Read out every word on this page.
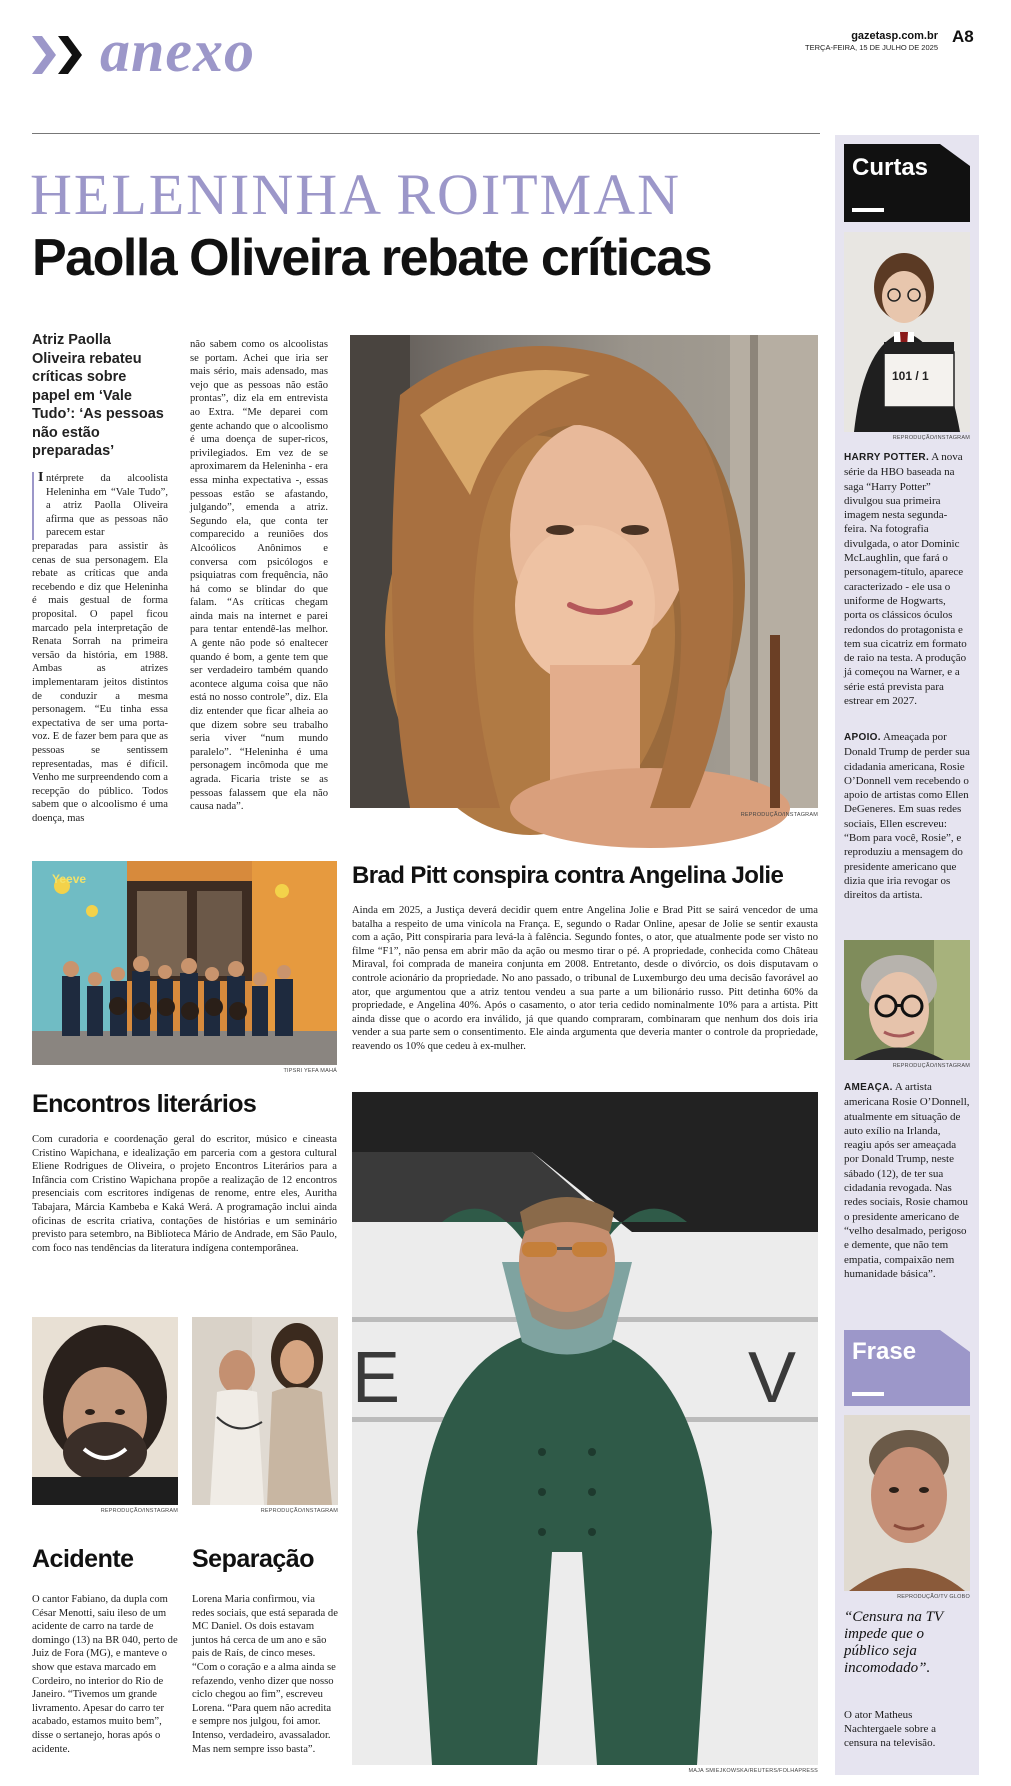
anexo	gazetasp.com.br
TERÇA-FEIRA, 15 DE JULHO DE 2025
A8
HELENINHA ROITMAN
Paolla Oliveira rebate críticas
Atriz Paolla Oliveira rebateu críticas sobre papel em ‘Vale Tudo’: ‘As pessoas não estão preparadas’
I ntérprete da alcoolista Heleninha em “Vale Tudo”, a atriz Paolla Oliveira afirma que as pessoas não parecem estar

preparadas para assistir às cenas de sua personagem. Ela rebate as críticas que anda recebendo e diz que Heleninha é mais gestual de forma proposital. O papel ficou marcado pela interpretação de Renata Sorrah na primeira versão da história, em 1988. Ambas as atrizes implementaram jeitos distintos de conduzir a mesma personagem. “Eu tinha essa expectativa de ser uma porta-voz. E de fazer bem para que as pessoas se sentissem representadas, mas é difícil. Venho me surpreendendo com a recepção do público. Todos sabem que o alcoolismo é uma doença, mas

não sabem como os alcoolistas se portam. Achei que iria ser mais sério, mais adensado, mas vejo que as pessoas não estão prontas”, diz ela em entrevista ao Extra. “Me deparei com gente achando que o alcoolismo é uma doença de super-ricos, privilegiados. Em vez de se aproximarem da Heleninha - era essa minha expectativa -, essas pessoas estão se afastando, julgando”, emenda a atriz. Segundo ela, que conta ter comparecido a reuniões dos Alcoólicos Anônimos e conversa com psicólogos e psiquiatras com frequência, não há como se blindar do que falam. “As críticas chegam ainda mais na internet e parei para tentar entendê-las melhor. A gente não pode só enaltecer quando é bom, a gente tem que ser verdadeiro também quando acontece alguma coisa que não está no nosso controle”, diz. Ela diz entender que ficar alheia ao que dizem sobre seu trabalho seria viver “num mundo paralelo”. “Heleninha é uma personagem incômoda que me agrada. Ficaria triste se as pessoas falassem que ela não causa nada”.

REPRODUÇÃO/INSTAGRAM
Yeeve
TIPSRI YEFA MAHÁ
Brad Pitt conspira contra Angelina Jolie

Ainda em 2025, a Justiça deverá decidir quem entre Angelina Jolie e Brad Pitt se sairá vencedor de uma batalha a respeito de uma vinícola na França. E, segundo o Radar Online, apesar de Jolie se sentir exausta com a ação, Pitt conspiraria para levá-la à falência. Segundo fontes, o ator, que atualmente pode ser visto no filme “F1”, não pensa em abrir mão da ação ou mesmo tirar o pé. A propriedade, conhecida como Château Miraval, foi comprada de maneira conjunta em 2008. Entretanto, desde o divórcio, os dois disputavam o controle acionário da propriedade. No ano passado, o tribunal de Luxemburgo deu uma decisão favorável ao ator, que argumentou que a atriz tentou vendeu a sua parte a um bilionário russo. Pitt detinha 60% da propriedade, e Angelina 40%. Após o casamento, o ator teria cedido nominalmente 10% para a artista. Pitt ainda disse que o acordo era inválido, já que quando compraram, combinaram que nenhum dos dois iria vender a sua parte sem o consentimento. Ele ainda argumenta que deveria manter o controle da propriedade, reavendo os 10% que cedeu à ex-mulher.

Encontros literários

Com curadoria e coordenação geral do escritor, músico e cineasta Cristino Wapichana, e idealização em parceria com a gestora cultural Eliene Rodrigues de Oliveira, o projeto Encontros Literários para a Infância com Cristino Wapichana propõe a realização de 12 encontros presenciais com escritores indígenas de renome, entre eles, Auritha Tabajara, Márcia Kambeba e Kaká Werá. A programação inclui ainda oficinas de escrita criativa, contações de histórias e um seminário previsto para setembro, na Biblioteca Mário de Andrade, em São Paulo, com foco nas tendências da literatura indígena contemporânea.

E	V
MAJA SMIEJKOWSKA/REUTERS/FOLHAPRESS
REPRODUÇÃO/INSTAGRAM
Acidente

O cantor Fabiano, da dupla com César Menotti, saiu ileso de um acidente de carro na tarde de domingo (13) na BR 040, perto de Juiz de Fora (MG), e manteve o show que estava marcado em Cordeiro, no interior do Rio de Janeiro. “Tivemos um grande livramento. Apesar do carro ter acabado, estamos muito bem”, disse o sertanejo, horas após o acidente.

REPRODUÇÃO/INSTAGRAM
Separação

Lorena Maria confirmou, via redes sociais, que está separada de MC Daniel. Os dois estavam juntos há cerca de um ano e são pais de Raís, de cinco meses. “Com o coração e a alma ainda se refazendo, venho dizer que nosso ciclo chegou ao fim”, escreveu Lorena. “Para quem não acredita e sempre nos julgou, foi amor. Intenso, verdadeiro, avassalador. Mas nem sempre isso basta”.

Curtas
101 / 1
REPRODUÇÃO/INSTAGRAM

HARRY POTTER. A nova série da HBO baseada na saga “Harry Potter” divulgou sua primeira imagem nesta segunda-feira. Na fotografia divulgada, o ator Dominic McLaughlin, que fará o personagem-título, aparece caracterizado - ele usa o uniforme de Hogwarts, porta os clássicos óculos redondos do protagonista e tem sua cicatriz em formato de raio na testa. A produção já começou na Warner, e a série está prevista para estrear em 2027.

APOIO. Ameaçada por Donald Trump de perder sua cidadania americana, Rosie O’Donnell vem recebendo o apoio de artistas como Ellen DeGeneres. Em suas redes sociais, Ellen escreveu: “Bom para você, Rosie”, e reproduziu a mensagem do presidente americano que dizia que iria revogar os direitos da artista.

REPRODUÇÃO/INSTAGRAM

AMEAÇA. A artista americana Rosie O’Donnell, atualmente em situação de auto exílio na Irlanda, reagiu após ser ameaçada por Donald Trump, neste sábado (12), de ter sua cidadania revogada. Nas redes sociais, Rosie chamou o presidente americano de “velho desalmado, perigoso e demente, que não tem empatia, compaixão nem humanidade básica”.

Frase
REPRODUÇÃO/TV GLOBO
“Censura na TV impede que o público seja incomodado”.
O ator Matheus Nachtergaele sobre a censura na televisão.
